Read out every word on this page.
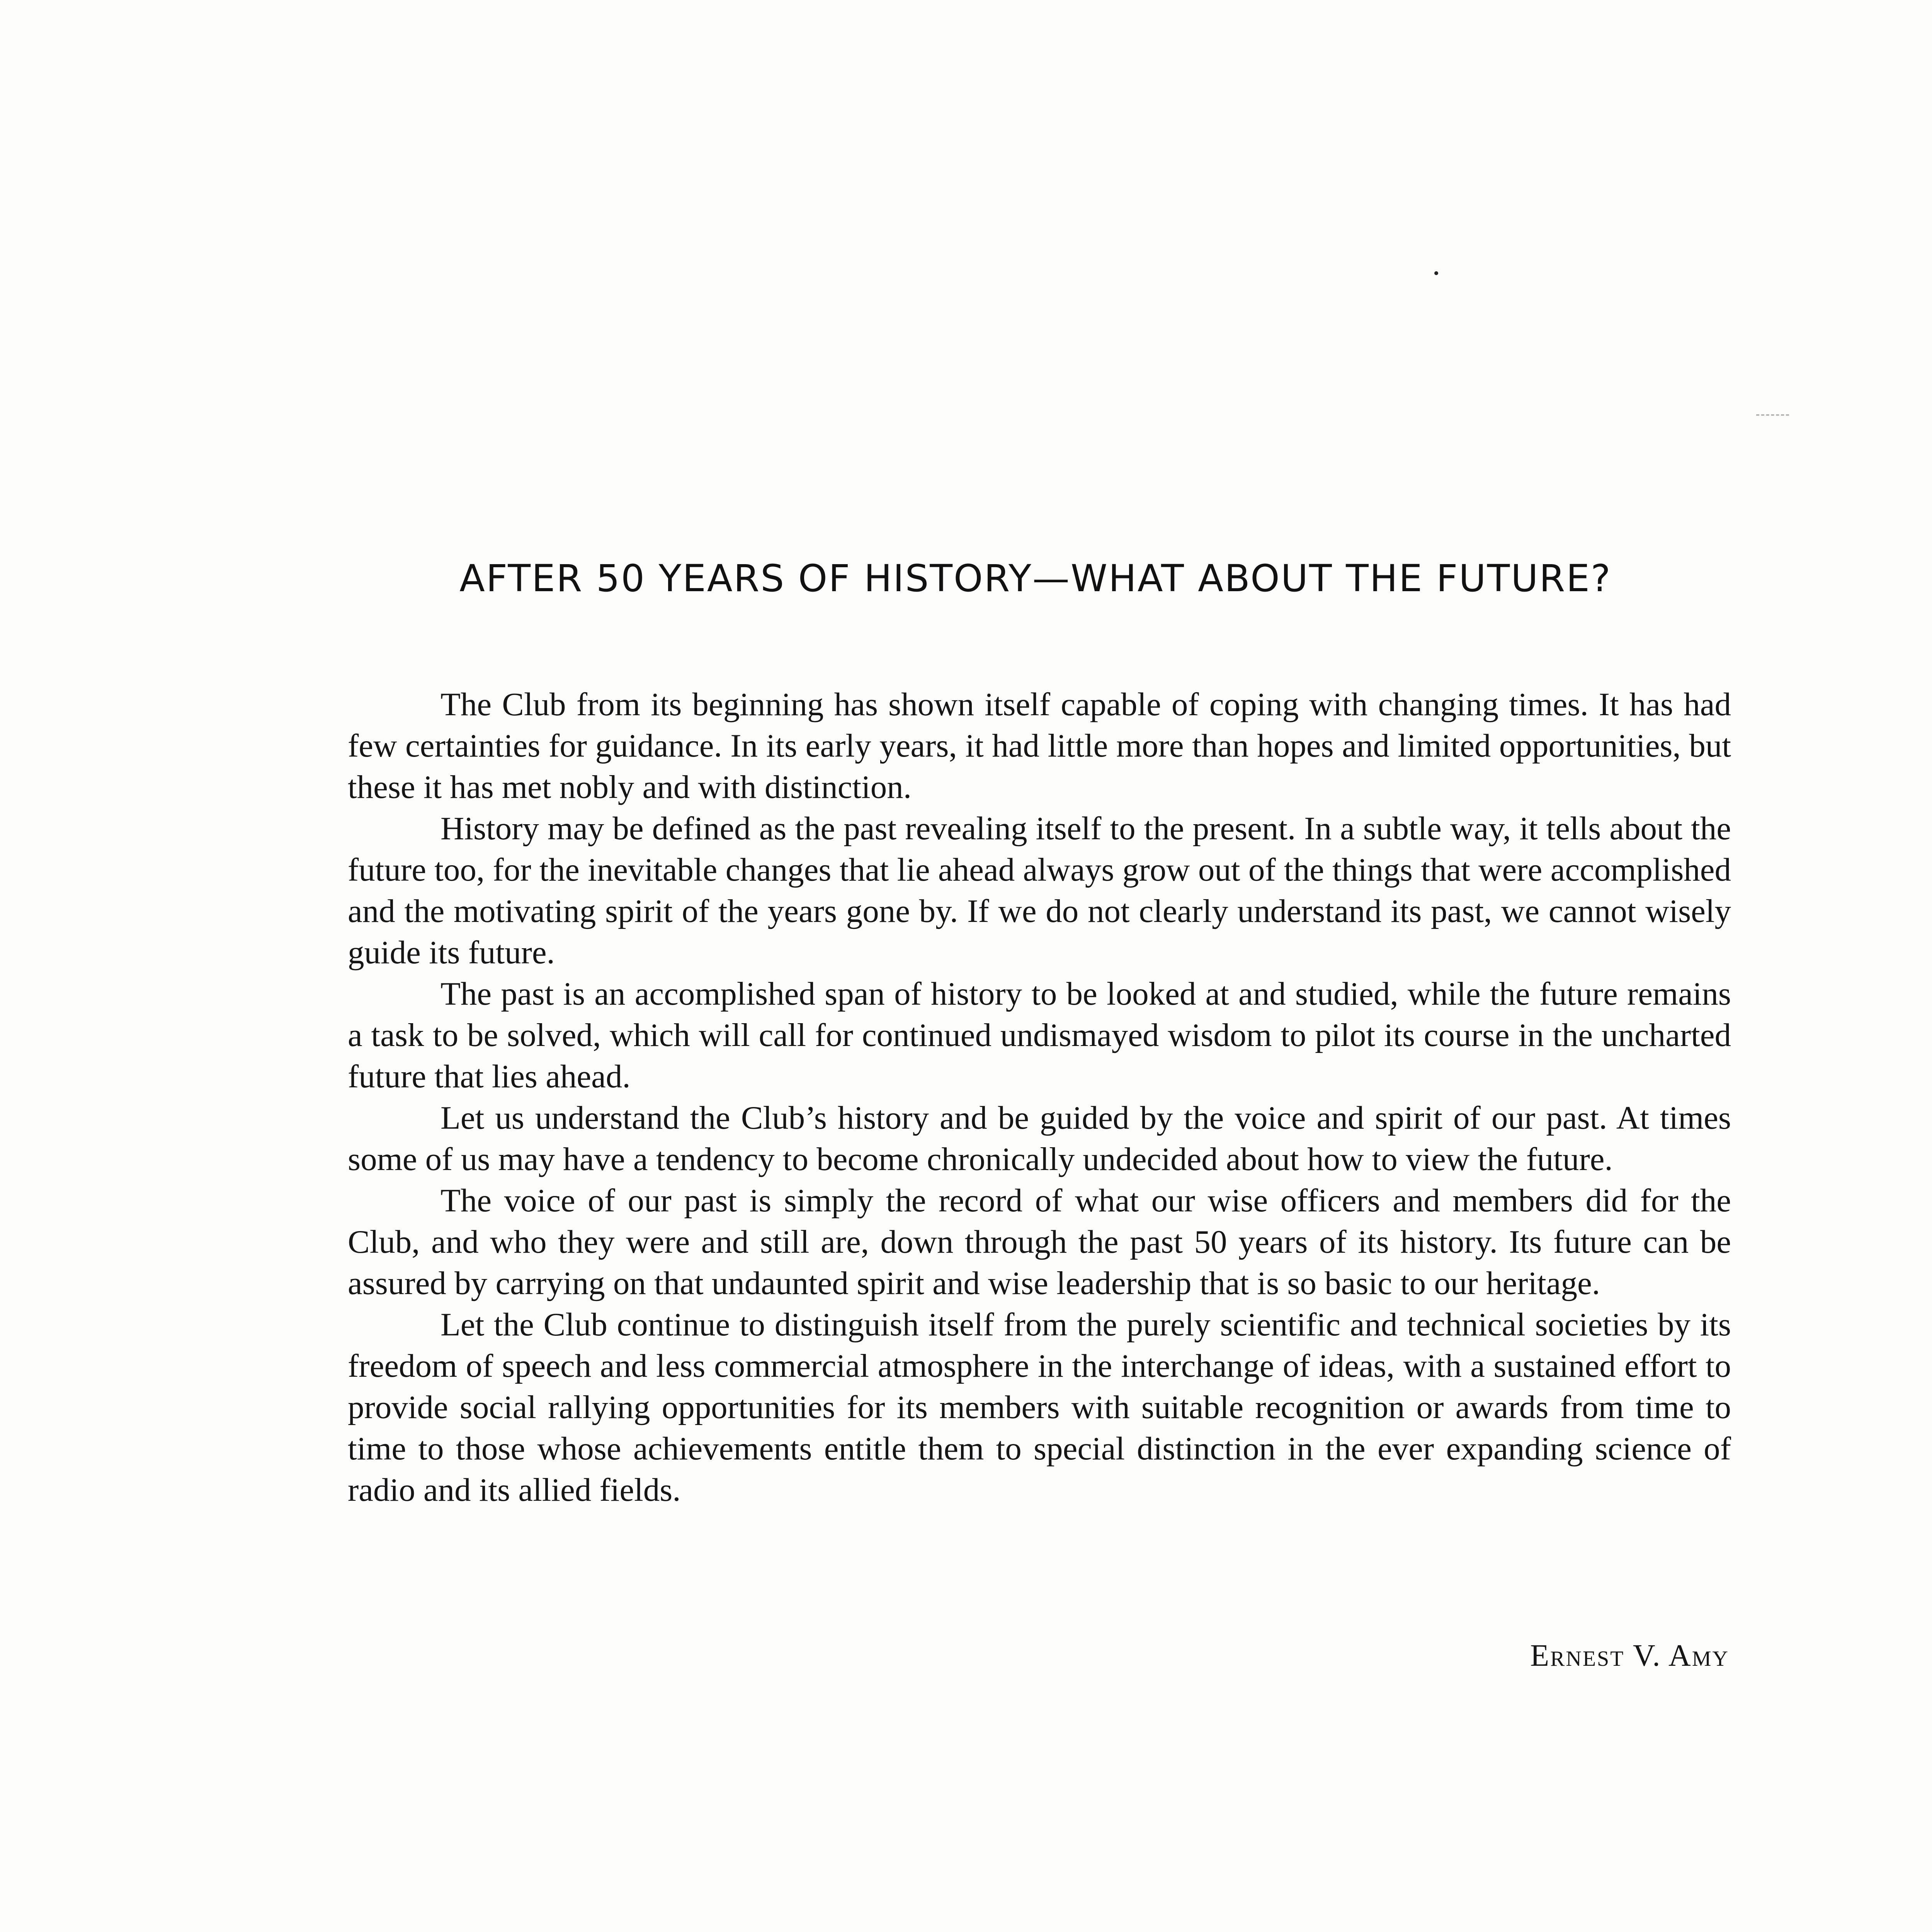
AFTER 50 YEARS OF HISTORY—WHAT ABOUT THE FUTURE?

The Club from its beginning has shown itself capable of coping with changing times. It has had few certainties for guidance. In its early years, it had little more than hopes and limited opportunities, but these it has met nobly and with distinction.

History may be defined as the past revealing itself to the present. In a subtle way, it tells about the future too, for the inevitable changes that lie ahead always grow out of the things that were accomplished and the motivating spirit of the years gone by. If we do not clearly understand its past, we cannot wisely guide its future.

The past is an accomplished span of history to be looked at and studied, while the future remains a task to be solved, which will call for continued undismayed wisdom to pilot its course in the uncharted future that lies ahead.

Let us understand the Club’s history and be guided by the voice and spirit of our past. At times some of us may have a tendency to become chronically undecided about how to view the future.

The voice of our past is simply the record of what our wise officers and members did for the Club, and who they were and still are, down through the past 50 years of its history. Its future can be assured by carrying on that undaunted spirit and wise leadership that is so basic to our heritage.

Let the Club continue to distinguish itself from the purely scientific and technical societies by its freedom of speech and less commercial atmosphere in the interchange of ideas, with a sustained effort to provide social rallying opportunities for its members with suitable recognition or awards from time to time to those whose achievements entitle them to special distinction in the ever expanding science of radio and its allied fields.

Ernest V. Amy
